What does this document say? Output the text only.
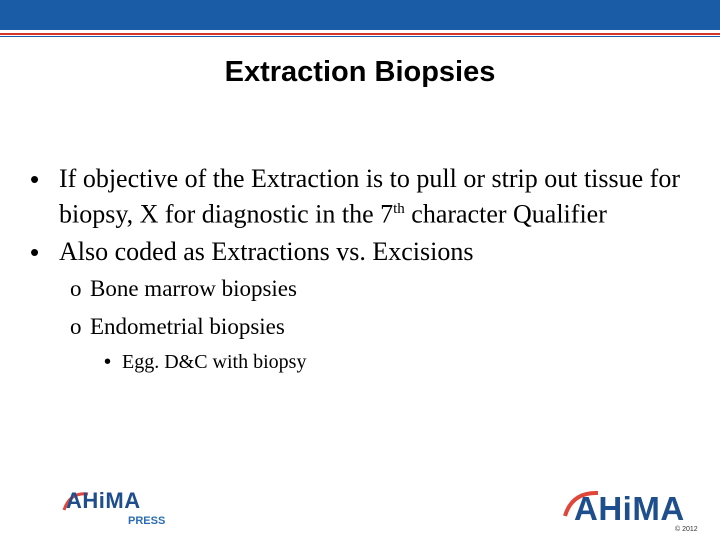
Extraction Biopsies

• If objective of the Extraction is to pull or strip out tissue for biopsy, X for diagnostic in the 7th character Qualifier

• Also coded as Extractions vs. Excisions

o Bone marrow biopsies

o Endometrial biopsies

• Egg. D&C with biopsy

AHiMA
PRESS	AHiMA
© 2012
